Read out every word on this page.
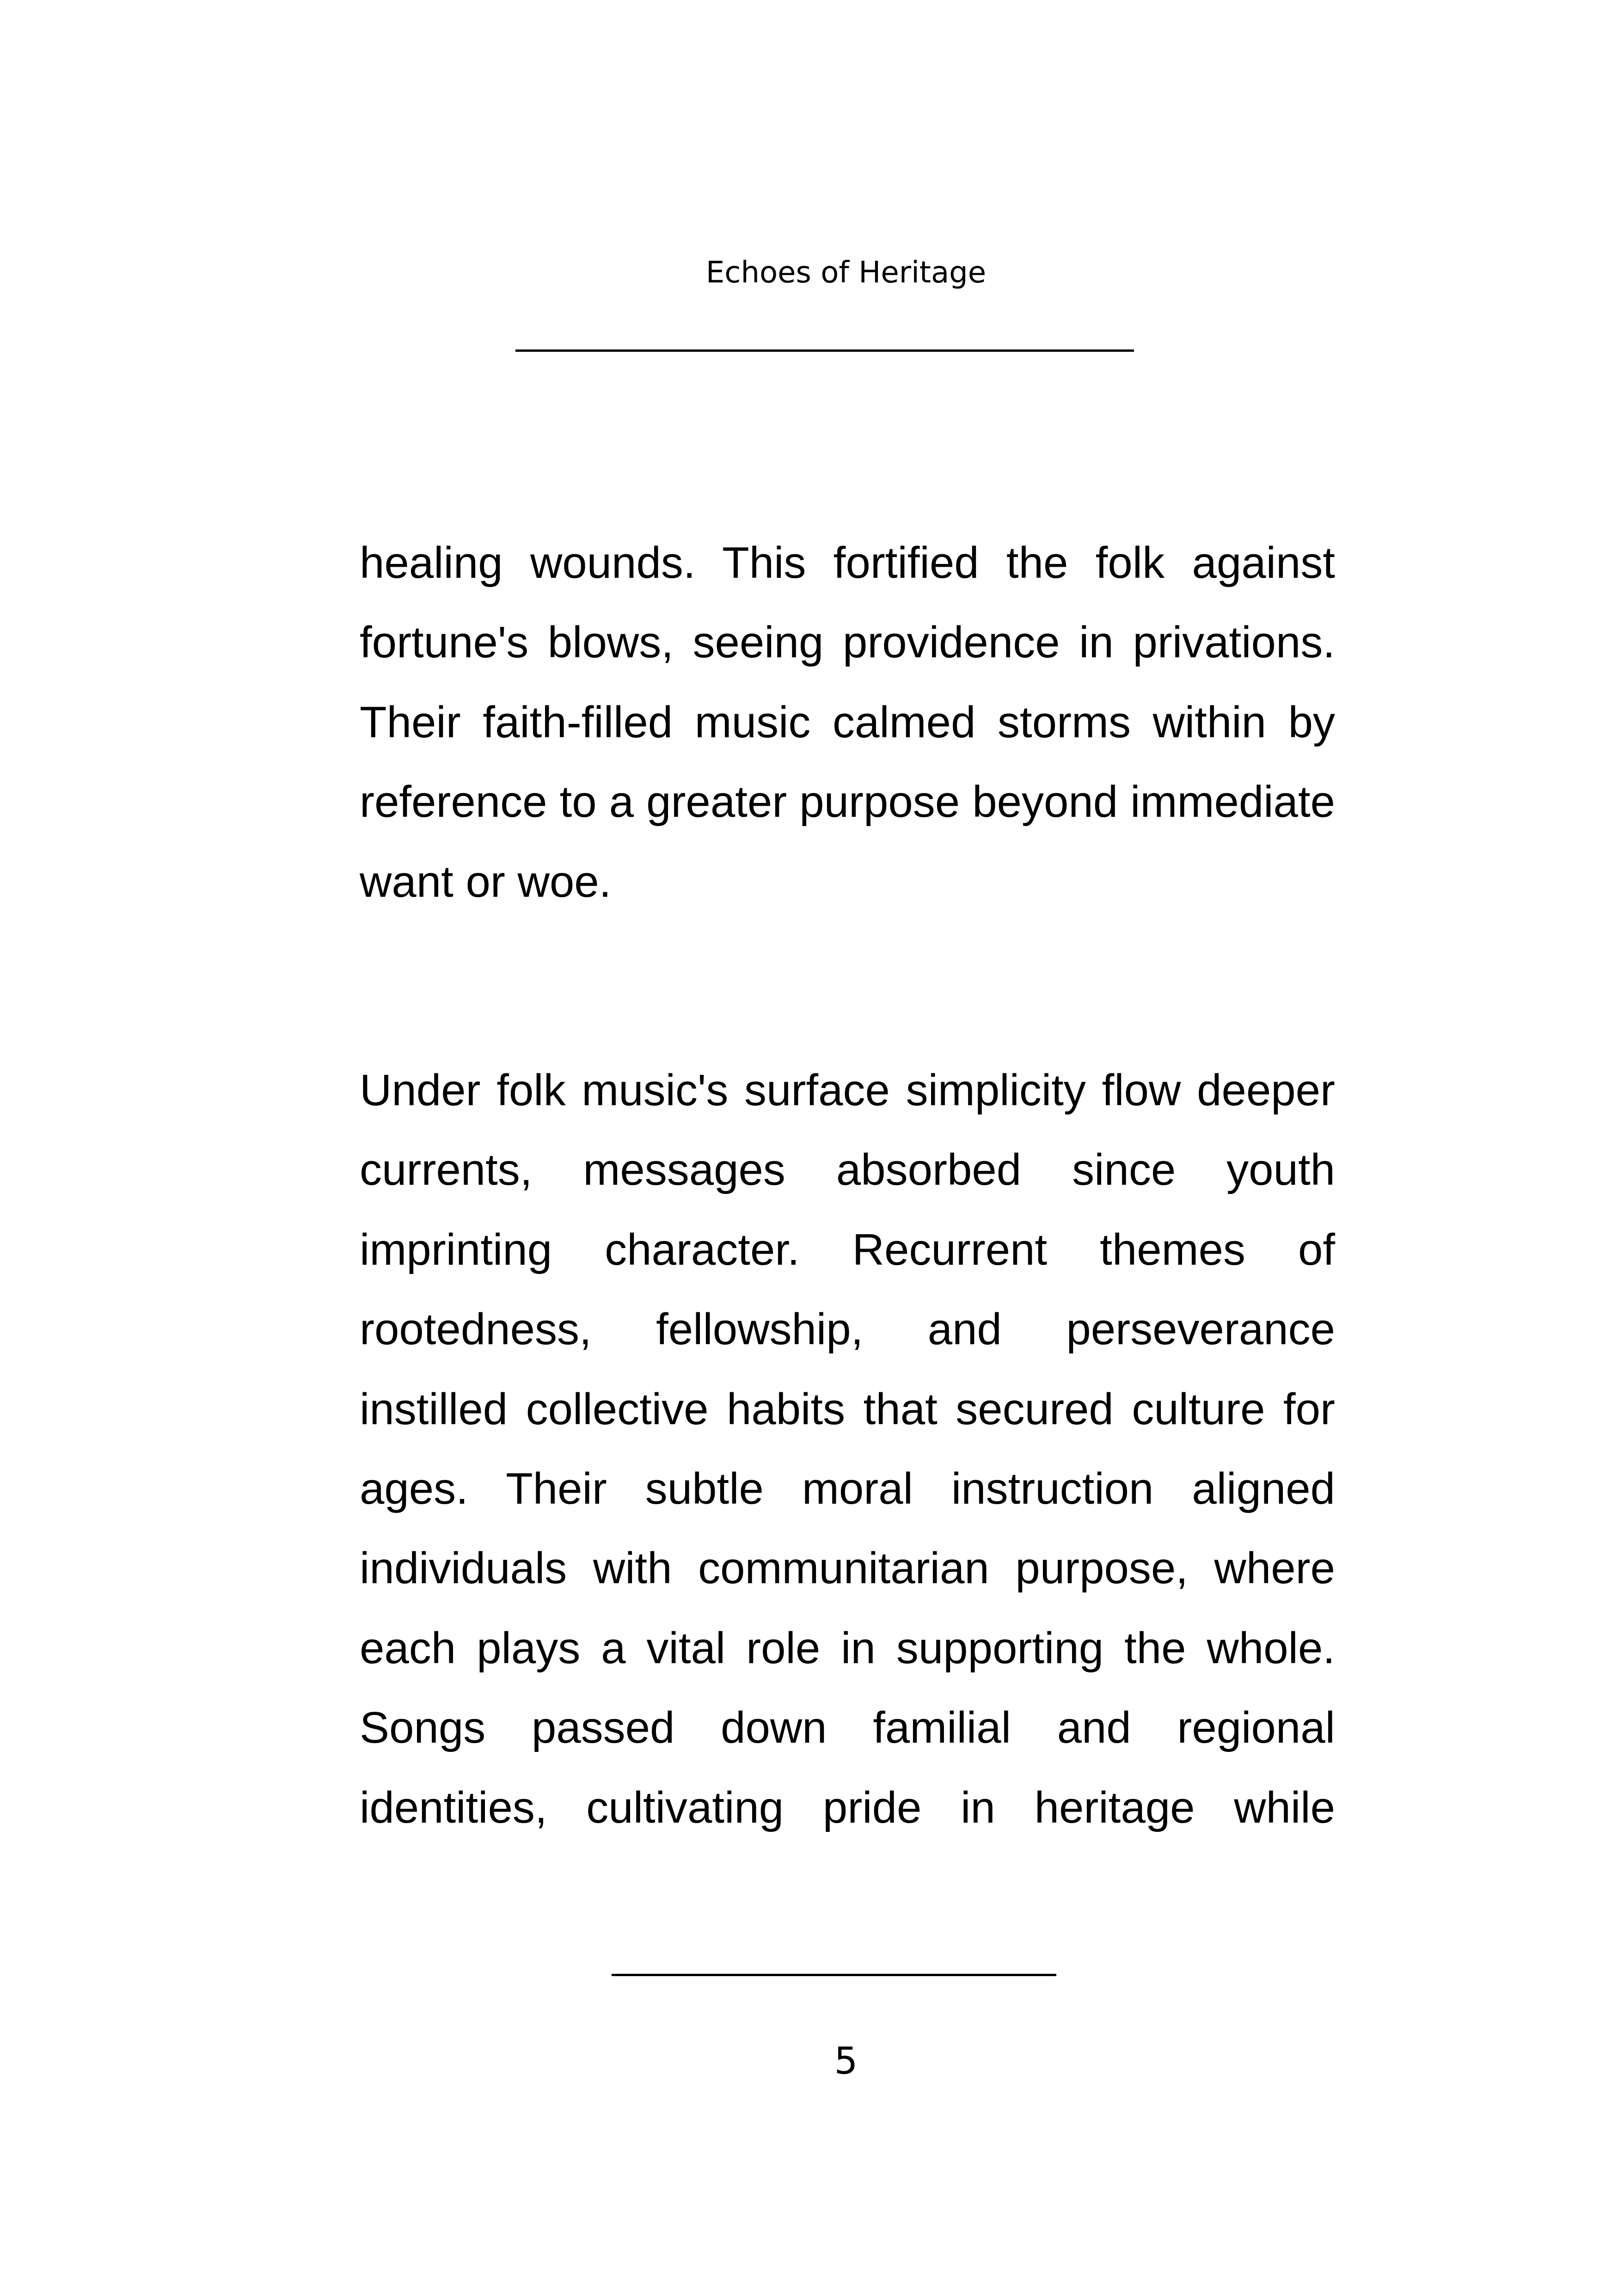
Echoes of Heritage

healing wounds. This fortified the folk against fortune's blows, seeing providence in privations. Their faith-filled music calmed storms within by reference to a greater purpose beyond immediate want or woe.

Under folk music's surface simplicity flow deeper currents, messages absorbed since youth imprinting character. Recurrent themes of rootedness, fellowship, and perseverance instilled collective habits that secured culture for ages. Their subtle moral instruction aligned individuals with communitarian purpose, where each plays a vital role in supporting the whole. Songs passed down familial and regional identities, cultivating pride in heritage while

5
